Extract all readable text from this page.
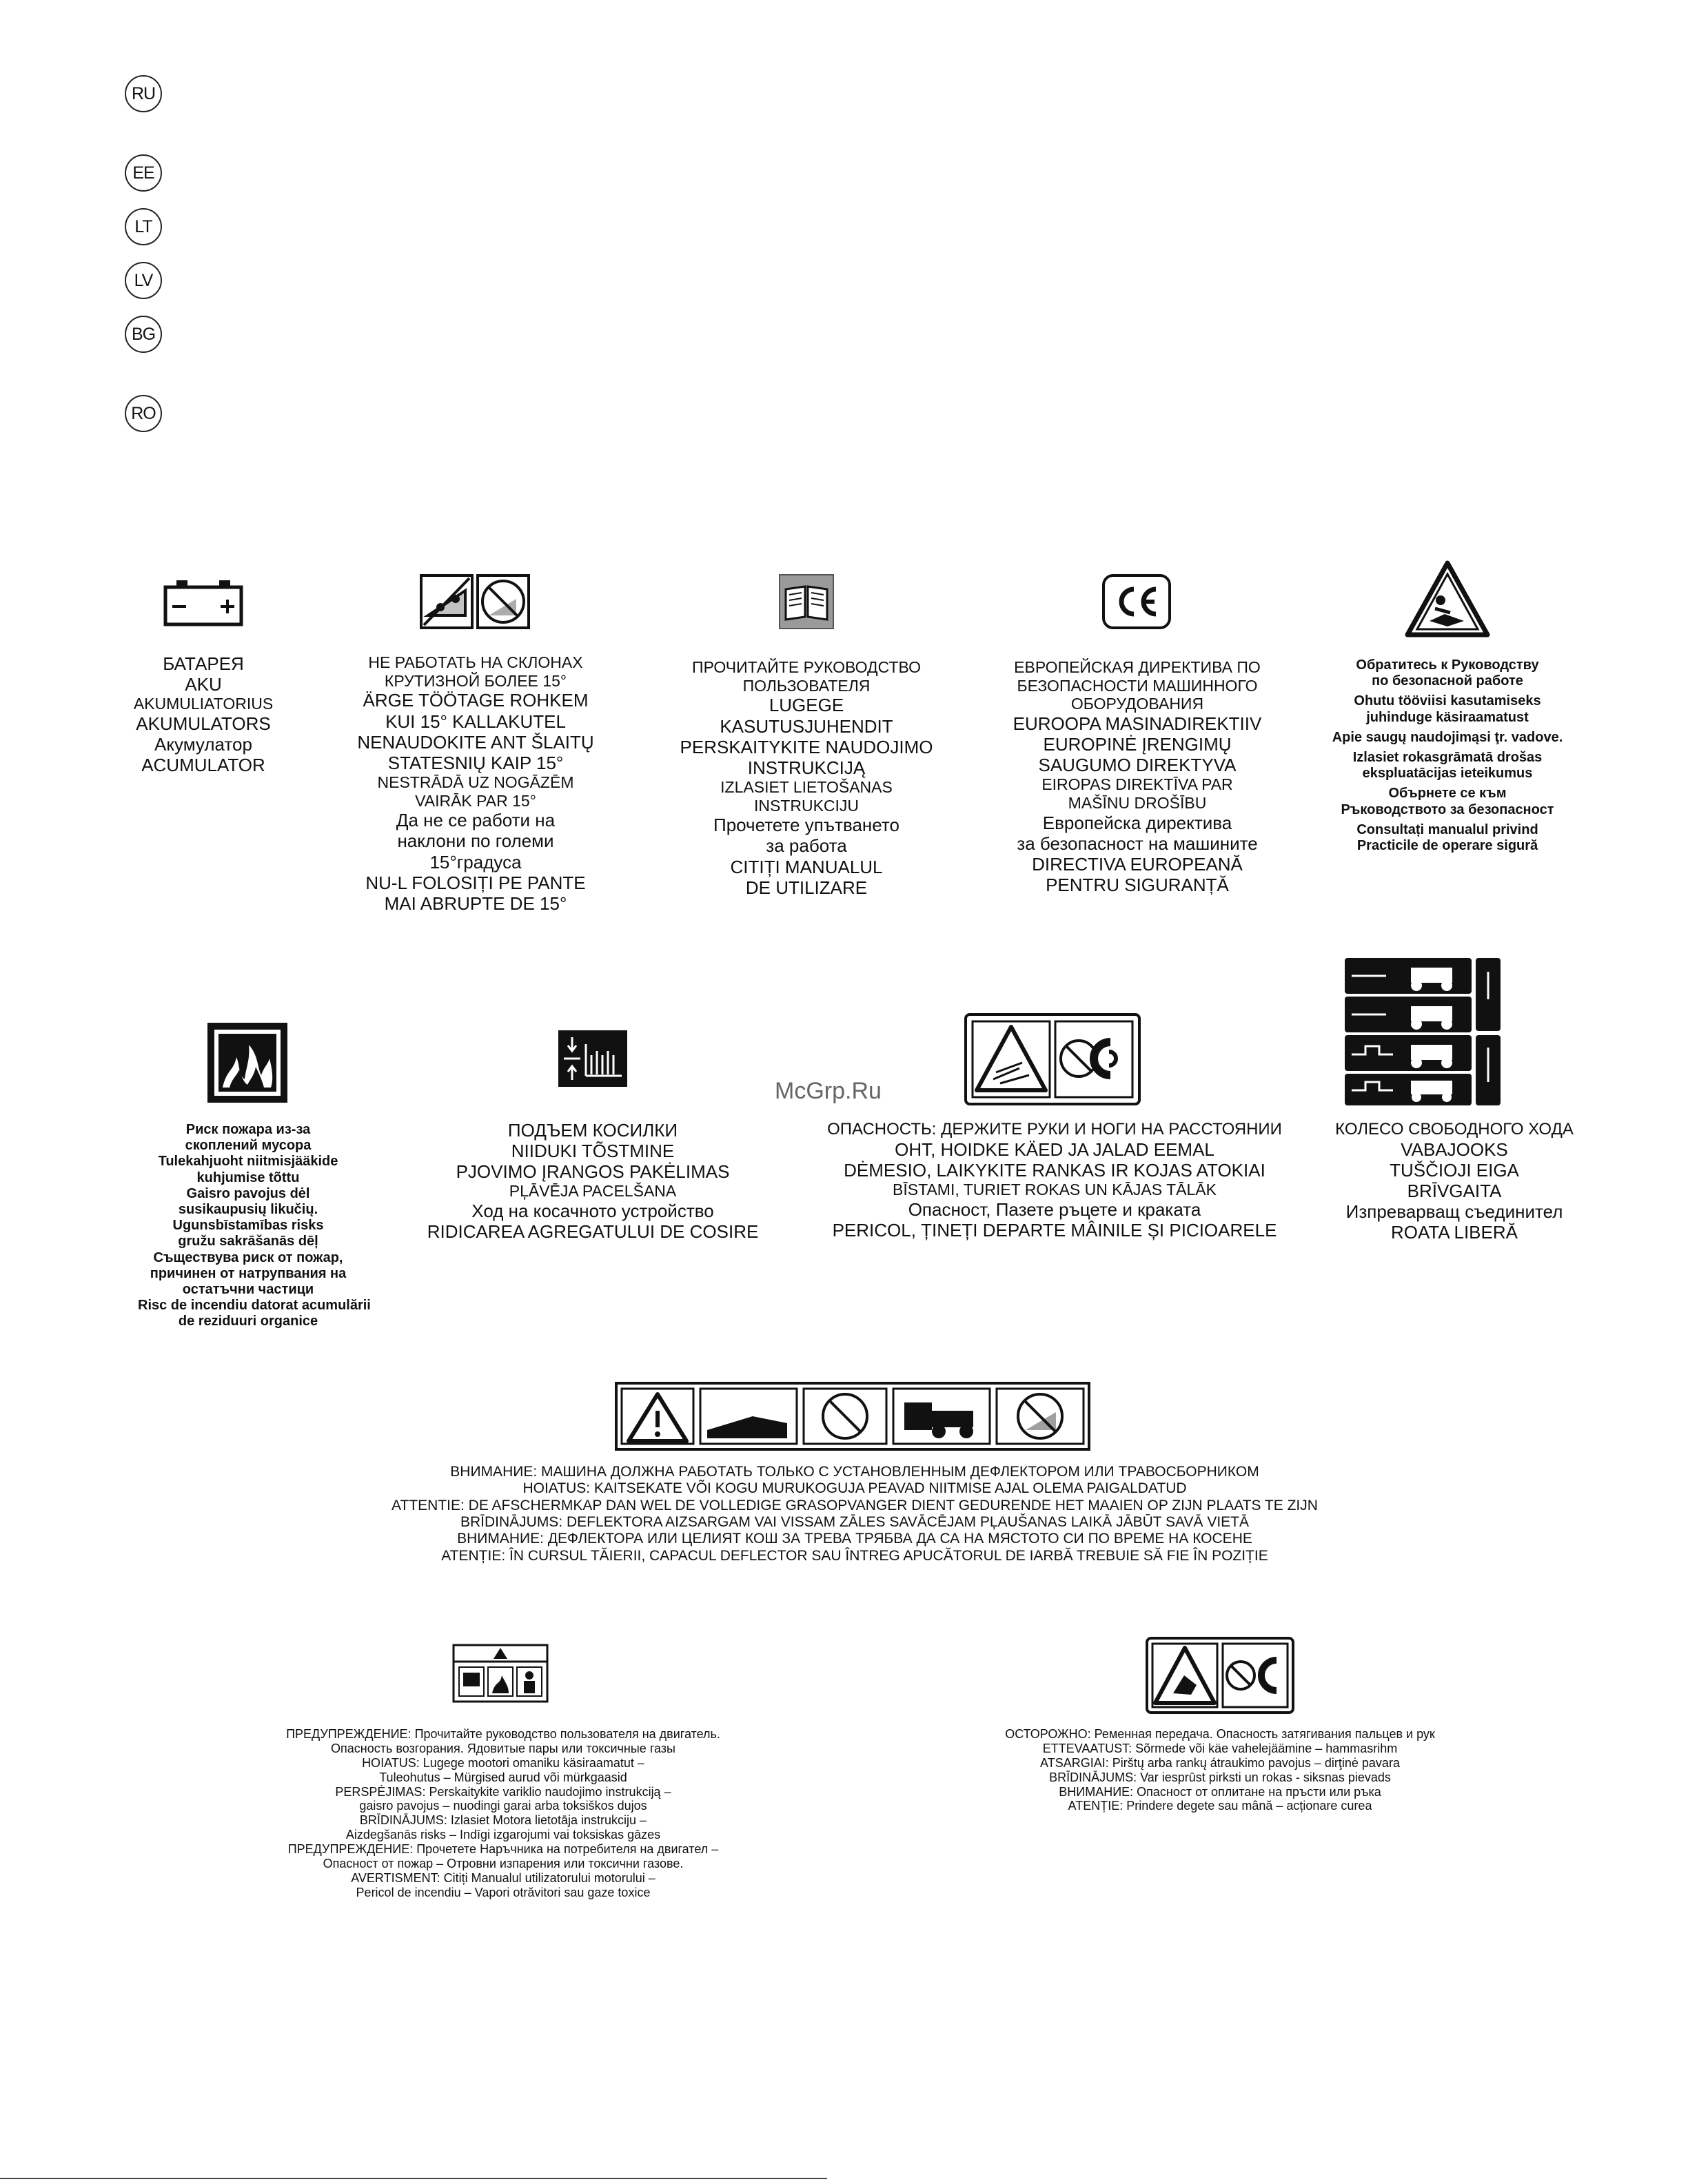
RU
EE
LT
LV
BG
RO
БАТАРЕЯ
AKU
AKUMULIATORIUS
AKUMULATORS
Акумулатор
ACUMULATOR
НЕ РАБОТАТЬ НА СКЛОНАХ
КРУТИЗНОЙ БОЛЕЕ 15°
ÄRGE TÖÖTAGE ROHKEM
KUI 15° KALLAKUTEL
NENAUDOKITE ANT ŠLAITŲ
STATESNIŲ KAIP 15°
NESTRĀDĀ UZ NOGĀZĒM
VAIRĀK PAR 15°
Да не се работи на
наклони по големи
15°градуса
NU-L FOLOSIȚI PE PANTE
MAI ABRUPTE DE 15°
ПРОЧИТАЙТЕ РУКОВОДСТВО
ПОЛЬЗОВАТЕЛЯ
LUGEGE
KASUTUSJUHENDIT
PERSKAITYKITE NAUDOJIMO
INSTRUKCIJĄ
IZLASIET LIETOŠANAS
INSTRUKCIJU
Прочетете упътването
за работа
CITIȚI MANUALUL
DE UTILIZARE
ЕВРОПЕЙСКАЯ ДИРЕКТИВА ПО
БЕЗОПАСНОСТИ МАШИННОГО
ОБОРУДОВАНИЯ
EUROOPA MASINADIREKTIIV
EUROPINĖ ĮRENGIMŲ
SAUGUMO DIREKTYVA
EIROPAS DIREKTĪVA PAR
MAŠĪNU DROŠĪBU
Европейска директива
за безопасност на машините
DIRECTIVA EUROPEANĂ
PENTRU SIGURANȚĂ
Обратитесь к Руководству
по безопасной работе
Ohutu tööviisi kasutamiseks
juhinduge käsiraamatust
Apie saugų naudojimąsi ţr. vadove.
Izlasiet rokasgrāmatā drošas
ekspluatācijas ieteikumus
Обърнете се към
Ръководството за безопасност
Consultați manualul privind
Practicile de operare sigură
Риск пожара из-за
скоплений мусора
Tulekahjuoht niitmisjääkide
kuhjumise tõttu
Gaisro pavojus dėl
susikaupusių likučių.
Ugunsbīstamības risks
gružu sakrāšanās dēļ
Съществува риск от пожар,
причинен от натрупвания на
остатъчни частици
Risc de incendiu datorat acumulării
de reziduuri organice
ПОДЪЕМ КОСИЛКИ
NIIDUKI TÕSTMINE
PJOVIMO ĮRANGOS PAKĖLIMAS
PĻĀVĒJA PACELŠANA
Ход на косачното устройство
RIDICAREA AGREGATULUI DE COSIRE
ОПАСНОСТЬ: ДЕРЖИТЕ РУКИ И НОГИ НА РАССТОЯНИИ
OHT, HOIDKE KÄED JA JALAD EEMAL
DĖMESIO, LAIKYKITE RANKAS IR KOJAS ATOKIAI
BĪSTAMI, TURIET ROKAS UN KĀJAS TĀLĀK
Опасност, Пазете ръцете и краката
PERICOL, ȚINEȚI DEPARTE MÂINILE ȘI PICIOARELE
КОЛЕСО СВОБОДНОГО ХОДА
VABAJOOKS
TUŠČIOJI EIGA
BRĪVGAITA
Изпреварващ съединител
ROATA LIBERĂ
McGrp.Ru
ВНИМАНИЕ: МАШИНА ДОЛЖНА РАБОТАТЬ ТОЛЬКО С УСТАНОВЛЕННЫМ ДЕФЛЕКТОРОМ ИЛИ ТРАВОСБОРНИКОМ
HOIATUS: KAITSEKATE VÕI KOGU MURUKOGUJA PEAVAD NIITMISE AJAL OLEMA PAIGALDATUD
ATTENTIE: DE AFSCHERMKAP DAN WEL DE VOLLEDIGE GRASOPVANGER DIENT GEDURENDE HET MAAIEN OP ZIJN PLAATS TE ZIJN
BRĪDINĀJUMS: DEFLEKTORA AIZSARGAM VAI VISSAM ZĀLES SAVĀCĒJAM PĻAUŠANAS LAIKĀ JĀBŪT SAVĀ VIETĀ
ВНИМАНИЕ: ДЕФЛЕКТОРА ИЛИ ЦЕЛИЯТ КОШ ЗА ТРЕВА ТРЯБВА ДА СА НА МЯСТОТО СИ ПО ВРЕМЕ НА КОСЕНЕ
ATENȚIE: ÎN CURSUL TĂIERII, CAPACUL DEFLECTOR SAU ÎNTREG APUCĂTORUL DE IARBĂ TREBUIE SĂ FIE ÎN POZIȚIE
ПРЕДУПРЕЖДЕНИЕ: Прочитайте руководство пользователя на двигатель.
Опасность возгорания. Ядовитые пары или токсичные газы
HOIATUS: Lugege mootori omaniku käsiraamatut –
Tuleohutus – Mürgised aurud või mürkgaasid
PERSPĖJIMAS: Perskaitykite variklio naudojimo instrukciją –
gaisro pavojus – nuodingi garai arba toksiškos dujos
BRĪDINĀJUMS: Izlasiet Motora lietotāja instrukciju –
Aizdegšanās risks – Indīgi izgarojumi vai toksiskas gāzes
ПРЕДУПРЕЖДЕНИЕ: Прочетете Наръчника на потребителя на двигател –
Опасност от пожар – Отровни изпарения или токсични газове.
AVERTISMENT: Citiți Manualul utilizatorului motorului –
Pericol de incendiu – Vapori otrăvitori sau gaze toxice
ОСТОРОЖНО: Ременная передача. Опасность затягивания пальцев и рук
ETTEVAATUST: Sõrmede või käe vahelejäämine – hammasrihm
ATSARGIAI: Pirštų arba rankų átraukimo pavojus – dirţinė pavara
BRĪDINĀJUMS: Var iesprūst pirksti un rokas - siksnas pievads
ВНИМАНИЕ: Опасност от оплитане на пръсти или ръка
ATENȚIE: Prindere degete sau mână – acționare curea
